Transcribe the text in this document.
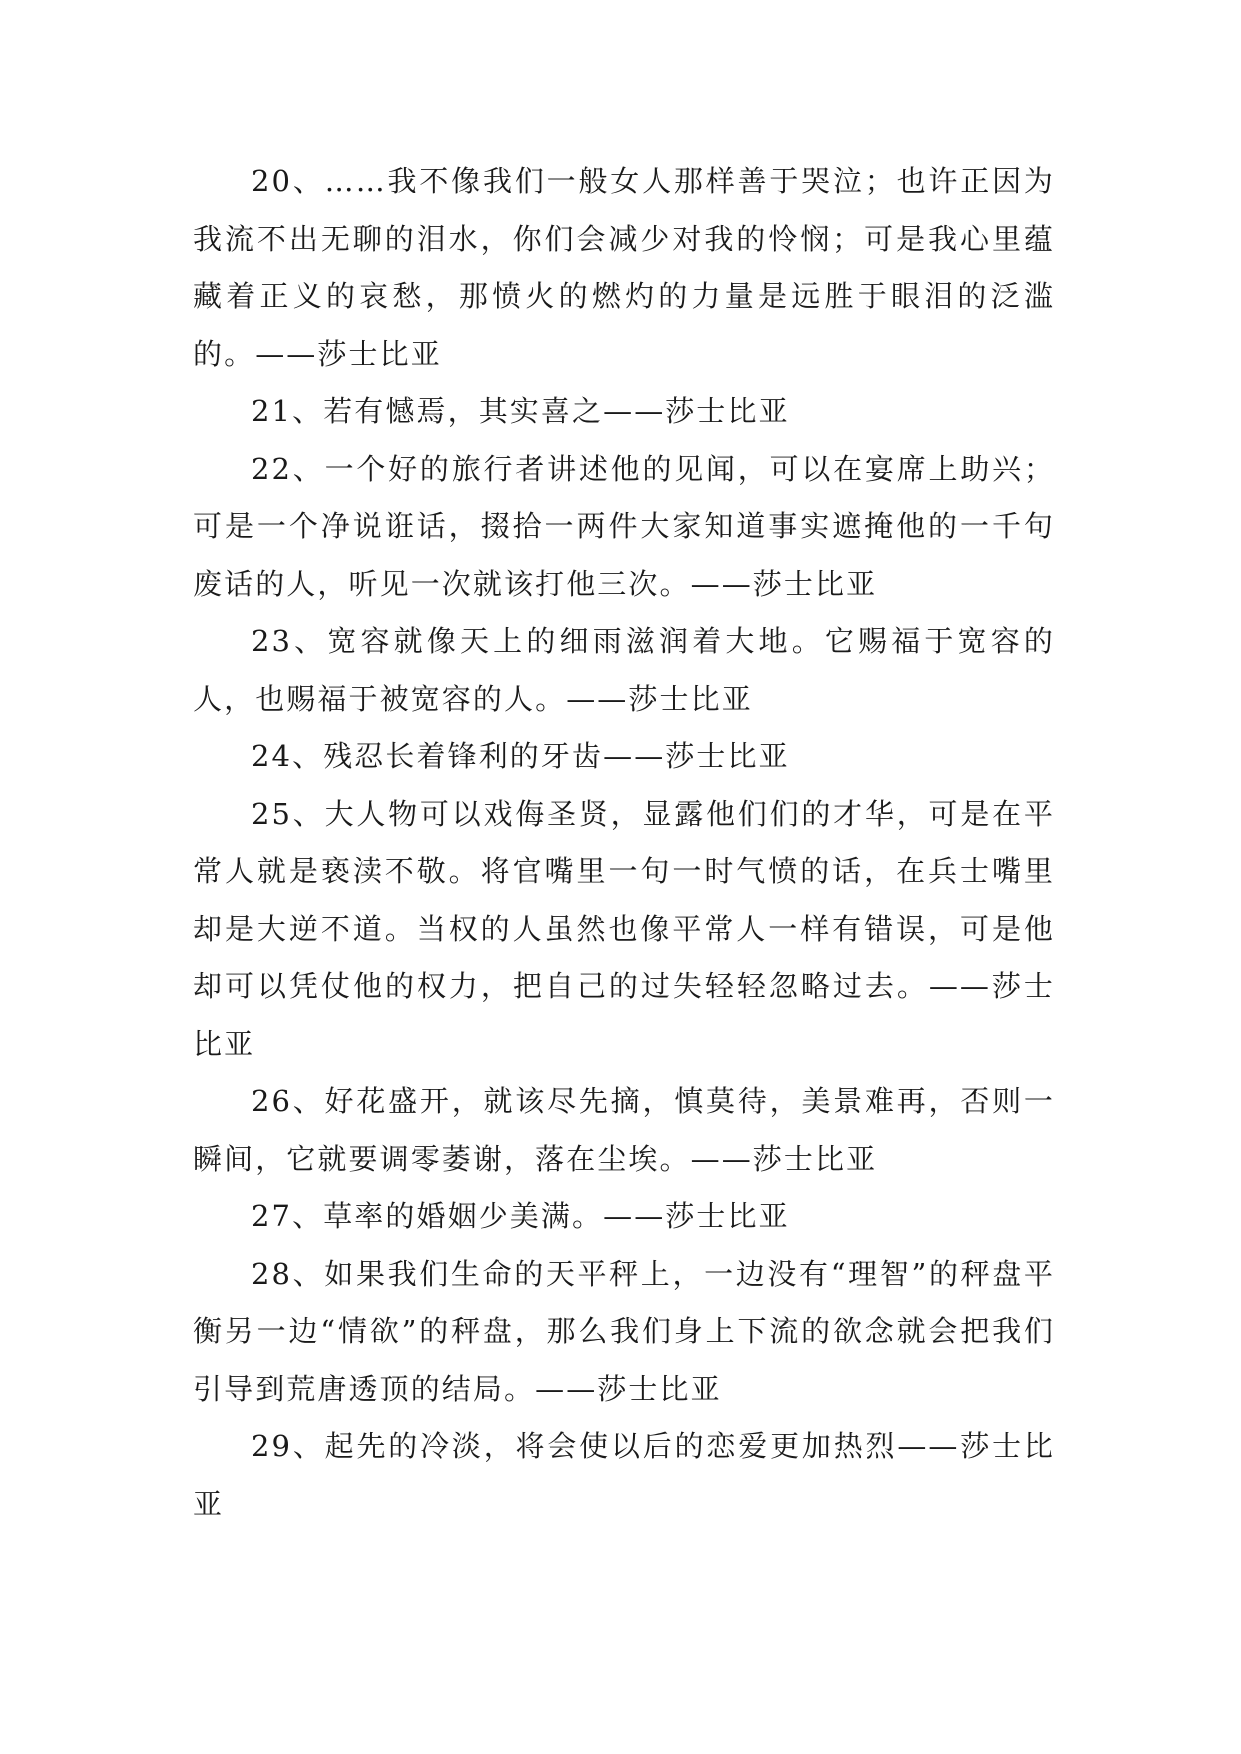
20、……我不像我们一般女人那样善于哭泣；也许正因为我流不出无聊的泪水，你们会减少对我的怜悯；可是我心里蕴藏着正义的哀愁，那愤火的燃灼的力量是远胜于眼泪的泛滥的。——莎士比亚

21、若有憾焉，其实喜之——莎士比亚

22、一个好的旅行者讲述他的见闻，可以在宴席上助兴；可是一个净说诳话，掇拾一两件大家知道事实遮掩他的一千句废话的人，听见一次就该打他三次。——莎士比亚

23、宽容就像天上的细雨滋润着大地。它赐福于宽容的人，也赐福于被宽容的人。——莎士比亚

24、残忍长着锋利的牙齿——莎士比亚

25、大人物可以戏侮圣贤，显露他们们的才华，可是在平常人就是亵渎不敬。将官嘴里一句一时气愤的话，在兵士嘴里却是大逆不道。当权的人虽然也像平常人一样有错误，可是他却可以凭仗他的权力，把自己的过失轻轻忽略过去。——莎士比亚

26、好花盛开，就该尽先摘，慎莫待，美景难再，否则一瞬间，它就要调零萎谢，落在尘埃。——莎士比亚

27、草率的婚姻少美满。——莎士比亚

28、如果我们生命的天平秤上，一边没有“理智”的秤盘平衡另一边“情欲”的秤盘，那么我们身上下流的欲念就会把我们引导到荒唐透顶的结局。——莎士比亚

29、起先的冷淡，将会使以后的恋爱更加热烈——莎士比亚
